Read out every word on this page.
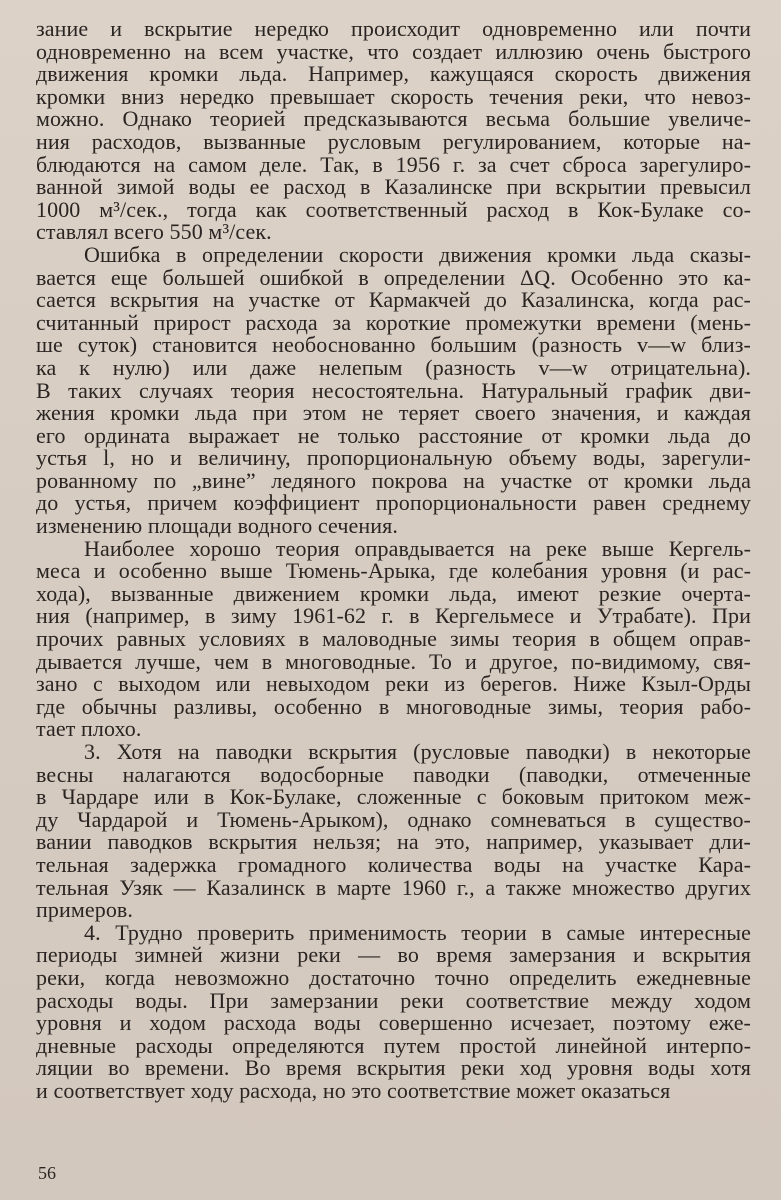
зание и вскрытие нередко происходит одновременно или почти
одновременно на всем участке, что создает иллюзию очень быстрого
движения кромки льда. Например, кажущаяся скорость движения
кромки вниз нередко превышает скорость течения реки, что невоз-
можно. Однако теорией предсказываются весьма большие увеличе-
ния расходов, вызванные русловым регулированием, которые на-
блюдаются на самом деле. Так, в 1956 г. за счет сброса зарегулиро-
ванной зимой воды ее расход в Казалинске при вскрытии превысил
1000 м³/сек., тогда как соответственный расход в Кок-Булаке со-
ставлял всего 550 м³/сек.
Ошибка в определении скорости движения кромки льда сказы-
вается еще большей ошибкой в определении ΔQ. Особенно это ка-
сается вскрытия на участке от Кармакчей до Казалинска, когда рас-
считанный прирост расхода за короткие промежутки времени (мень-
ше суток) становится необоснованно большим (разность v—w близ-
ка к нулю) или даже нелепым (разность v—w отрицательна).
В таких случаях теория несостоятельна. Натуральный график дви-
жения кромки льда при этом не теряет своего значения, и каждая
его ордината выражает не только расстояние от кромки льда до
устья l, но и величину, пропорциональную объему воды, зарегули-
рованному по „вине” ледяного покрова на участке от кромки льда
до устья, причем коэффициент пропорциональности равен среднему
изменению площади водного сечения.
Наиболее хорошо теория оправдывается на реке выше Кергель-
меса и особенно выше Тюмень-Арыка, где колебания уровня (и рас-
хода), вызванные движением кромки льда, имеют резкие очерта-
ния (например, в зиму 1961-62 г. в Кергельмесе и Утрабате). При
прочих равных условиях в маловодные зимы теория в общем оправ-
дывается лучше, чем в многоводные. То и другое, по-видимому, свя-
зано с выходом или невыходом реки из берегов. Ниже Кзыл-Орды
где обычны разливы, особенно в многоводные зимы, теория рабо-
тает плохо.
3. Хотя на паводки вскрытия (русловые паводки) в некоторые
весны налагаются водосборные паводки (паводки, отмеченные
в Чардаре или в Кок-Булаке, сложенные с боковым притоком меж-
ду Чардарой и Тюмень-Арыком), однако сомневаться в существо-
вании паводков вскрытия нельзя; на это, например, указывает дли-
тельная задержка громадного количества воды на участке Кара-
тельная Узяк — Казалинск в марте 1960 г., а также множество других
примеров.
4. Трудно проверить применимость теории в самые интересные
периоды зимней жизни реки — во время замерзания и вскрытия
реки, когда невозможно достаточно точно определить ежедневные
расходы воды. При замерзании реки соответствие между ходом
уровня и ходом расхода воды совершенно исчезает, поэтому еже-
дневные расходы определяются путем простой линейной интерпо-
ляции во времени. Во время вскрытия реки ход уровня воды хотя
и соответствует ходу расхода, но это соответствие может оказаться
56
